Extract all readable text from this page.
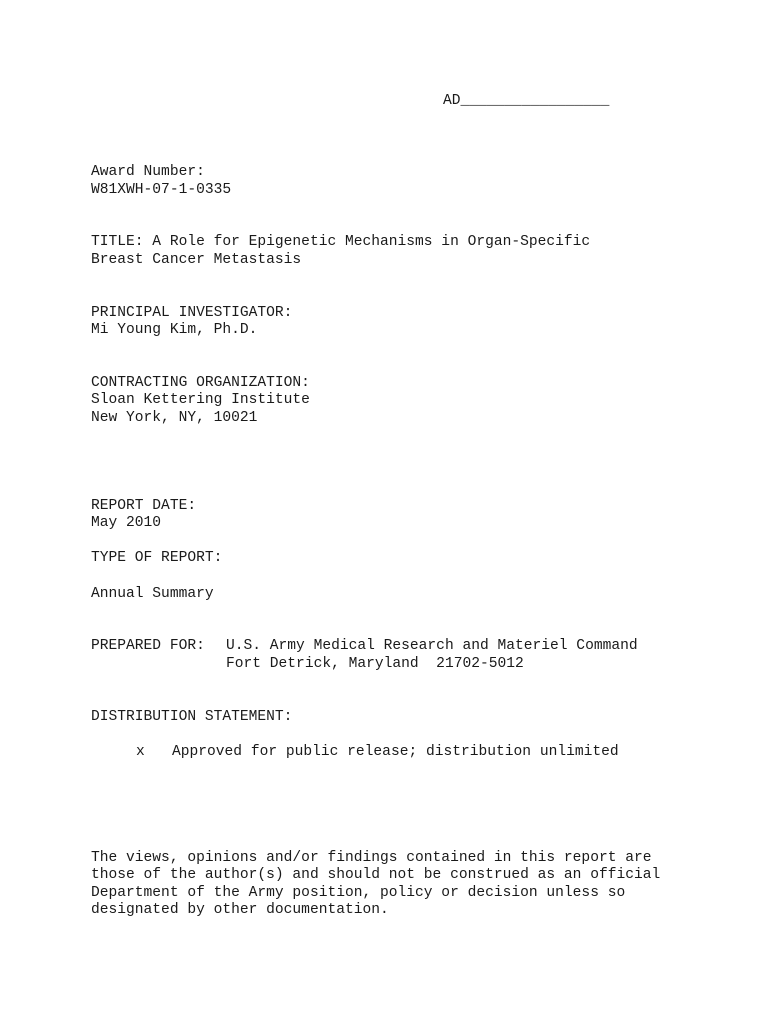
AD_________________
Award Number:
W81XWH-07-1-0335
TITLE: A Role for Epigenetic Mechanisms in Organ-Specific
Breast Cancer Metastasis
PRINCIPAL INVESTIGATOR:
Mi Young Kim, Ph.D.
CONTRACTING ORGANIZATION:
Sloan Kettering Institute
New York, NY, 10021
REPORT DATE:
May 2010
TYPE OF REPORT:
Annual Summary
PREPARED FOR: U.S. Army Medical Research and Materiel Command
Fort Detrick, Maryland  21702-5012
DISTRIBUTION STATEMENT:
x Approved for public release; distribution unlimited
The views, opinions and/or findings contained in this report are
those of the author(s) and should not be construed as an official
Department of the Army position, policy or decision unless so
designated by other documentation.
